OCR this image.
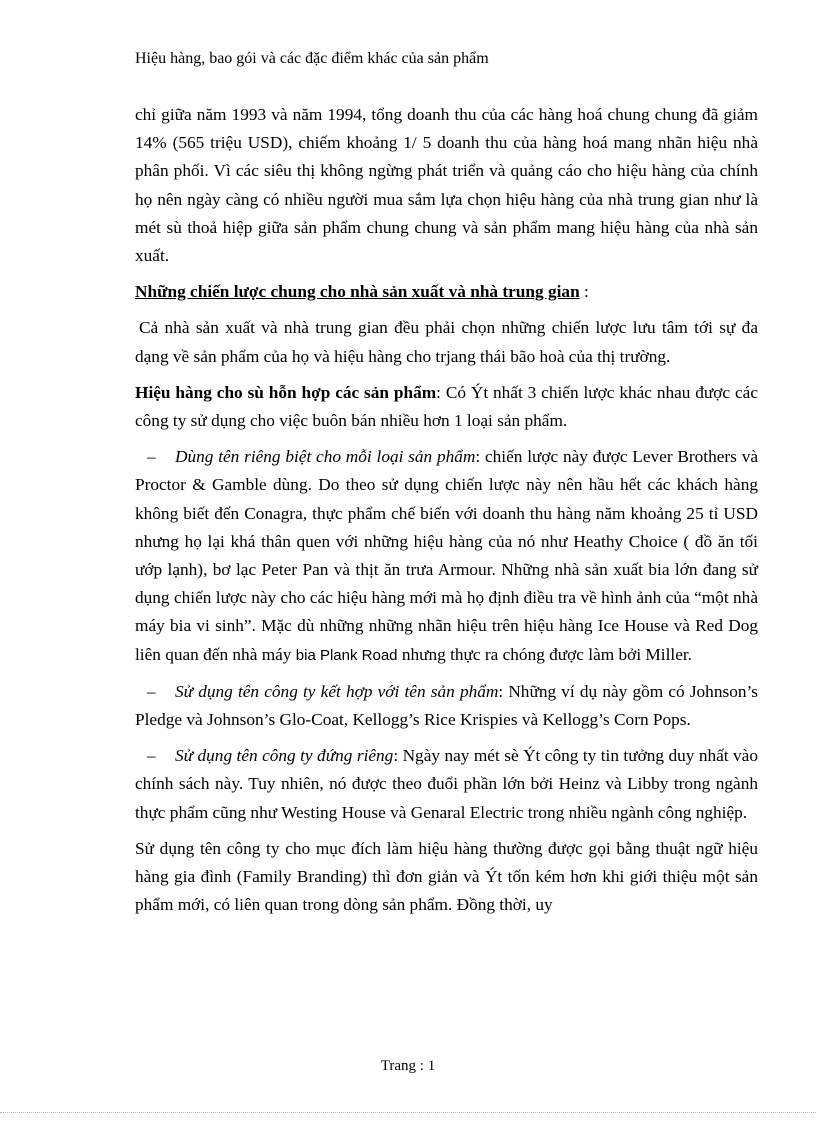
Hiệu hàng, bao gói và các đặc điểm khác của sản phẩm

chỉ giữa năm 1993 và năm 1994, tổng doanh thu của các hàng hoá chung chung đã giảm 14% (565 triệu USD), chiếm khoảng 1/ 5 doanh thu của hàng hoá mang nhãn hiệu nhà phân phối. Vì các siêu thị không ngừng phát triển và quảng cáo cho hiệu hàng của chính họ nên ngày càng có nhiều người mua sắm lựa chọn hiệu hàng của nhà trung gian như là mét sù thoả hiệp giữa sản phẩm chung chung và sản phẩm mang hiệu hàng của nhà sản xuất.

Những chiến lược chung cho nhà sản xuất và nhà trung gian :

Cả nhà sản xuất và nhà trung gian đều phải chọn những chiến lược lưu tâm tới sự đa dạng về sản phẩm của họ và hiệu hàng cho trjang thái bão hoà của thị trường.

Hiệu hàng cho sù hỗn hợp các sản phẩm: Có Ýt nhất 3 chiến lược khác nhau được các công ty sử dụng cho việc buôn bán nhiều hơn 1 loại sản phẩm.

– Dùng tên riêng biệt cho mỗi loại sản phẩm: chiến lược này được Lever Brothers và Proctor & Gamble dùng. Do theo sử dụng chiến lược này nên hầu hết các khách hàng không biết đến Conagra, thực phẩm chế biến với doanh thu hàng năm khoảng 25 tỉ USD nhưng họ lại khá thân quen với những hiệu hàng của nó như Heathy Choice ( đồ ăn tối ướp lạnh), bơ lạc Peter Pan và thịt ăn trưa Armour. Những nhà sản xuất bia lớn đang sử dụng chiến lược này cho các hiệu hàng mới mà họ định điều tra về hình ảnh của “một nhà máy bia vi sinh”. Mặc dù những những nhãn hiệu trên hiệu hàng Ice House và Red Dog liên quan đến nhà máy bia Plank Road nhưng thực ra chóng được làm bởi Miller.

– Sử dụng tên công ty kết hợp với tên sản phẩm: Những ví dụ này gồm có Johnson’s Pledge và Johnson’s Glo-Coat, Kellogg’s Rice Krispies và Kellogg’s Corn Pops.

– Sử dụng tên công ty đứng riêng: Ngày nay mét sè Ýt công ty tin tưởng duy nhất vào chính sách này. Tuy nhiên, nó được theo đuổi phần lớn bởi Heinz và Libby trong ngành thực phẩm cũng như Westing House và Genaral Electric trong nhiều ngành công nghiệp.

Sử dụng tên công ty cho mục đích làm hiệu hàng thường được gọi bằng thuật ngữ hiệu hàng gia đình (Family Branding) thì đơn giản và Ýt tốn kém hơn khi giới thiệu một sản phẩm mới, có liên quan trong dòng sản phẩm. Đồng thời, uy

Trang : 1
